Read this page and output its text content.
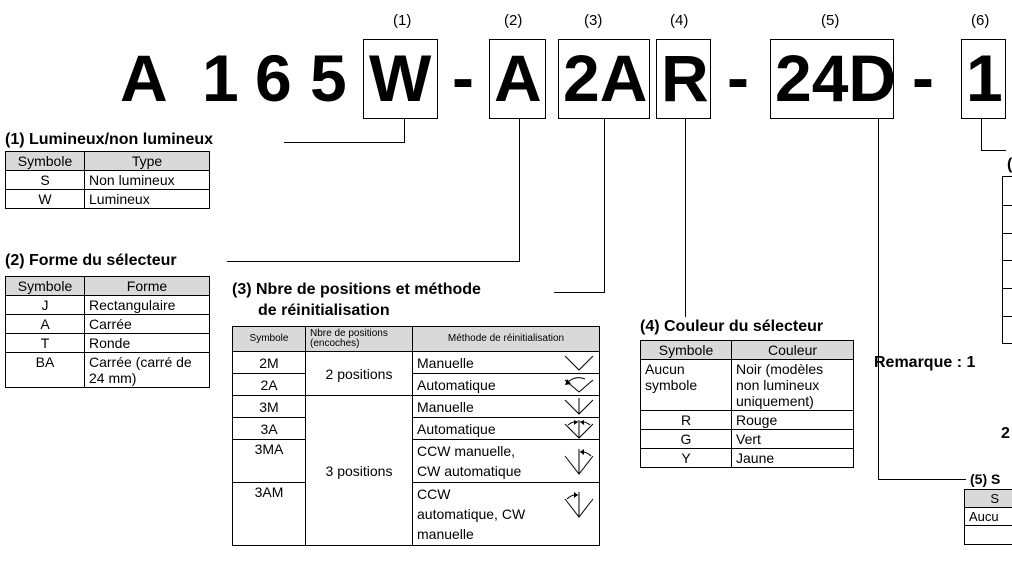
(1)	(2)	(3)	(4)	(5)	(6)
A 1 6 5 W - A 2A R - 24D - 1
(1) Lumineux/non lumineux
Symbole	Type
S	Non lumineux
W	Lumineux
(2) Forme du sélecteur
Symbole	Forme
J	Rectangulaire
A	Carrée
T	Ronde
BA	Carrée (carré de 24 mm)
(3) Nbre de positions et méthode
de réinitialisation
Symbole	Nbre de positions (encoches)	Méthode de réinitialisation
2M	2 positions	Manuelle

2A		Automatique

3M	3 positions	Manuelle

3A		Automatique

3MA		CCW manuelle, CW automatique

3AM		CCW automatique, CW manuelle
(4) Couleur du sélecteur
Symbole	Couleur
Aucun symbole	Noir (modèles non lumineux uniquement)
R	Rouge
G	Vert
Y	Jaune
(
Remarque : 1
2
(5) S
S
Aucu
